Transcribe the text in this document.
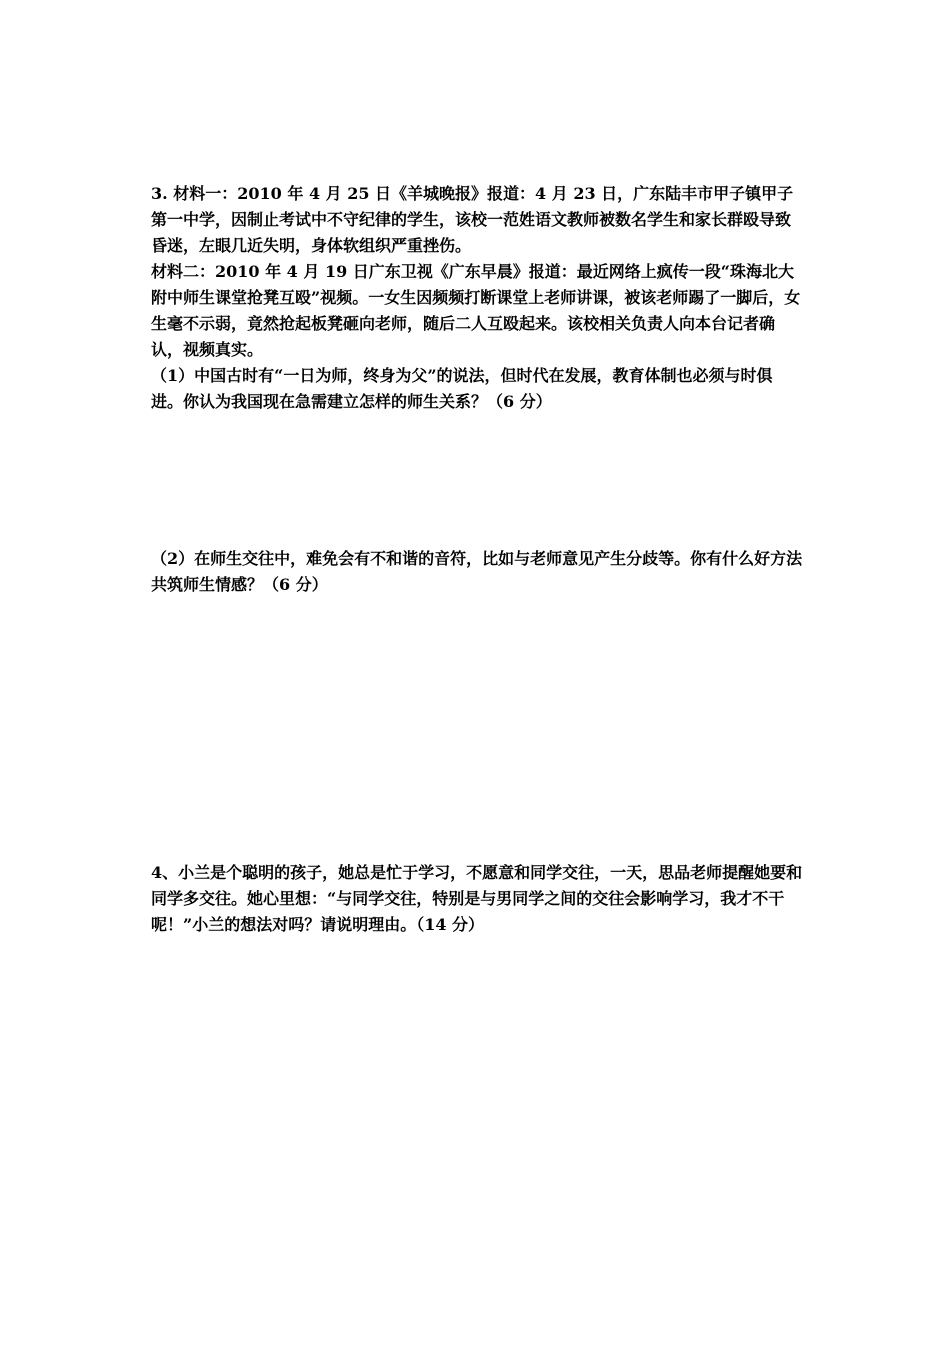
3. 材料一：2010 年 4 月 25 日《羊城晚报》报道：4 月 23 日，广东陆丰市甲子镇甲子第一中学，因制止考试中不守纪律的学生，该校一范姓语文教师被数名学生和家长群殴导致昏迷，左眼几近失明，身体软组织严重挫伤。

材料二：2010 年 4 月 19 日广东卫视《广东早晨》报道：最近网络上疯传一段“珠海北大附中师生课堂抢凳互殴”视频。一女生因频频打断课堂上老师讲课，被该老师踢了一脚后，女生毫不示弱，竟然抢起板凳砸向老师，随后二人互殴起来。该校相关负责人向本台记者确认，视频真实。

（1）中国古时有“一日为师，终身为父”的说法，但时代在发展，教育体制也必须与时俱进。你认为我国现在急需建立怎样的师生关系？（6 分）

（2）在师生交往中，难免会有不和谐的音符，比如与老师意见产生分歧等。你有什么好方法共筑师生情感？（6 分）

4、小兰是个聪明的孩子，她总是忙于学习，不愿意和同学交往，一天，思品老师提醒她要和同学多交往。她心里想：“与同学交往，特别是与男同学之间的交往会影响学习，我才不干呢！”小兰的想法对吗？请说明理由。（14 分）
